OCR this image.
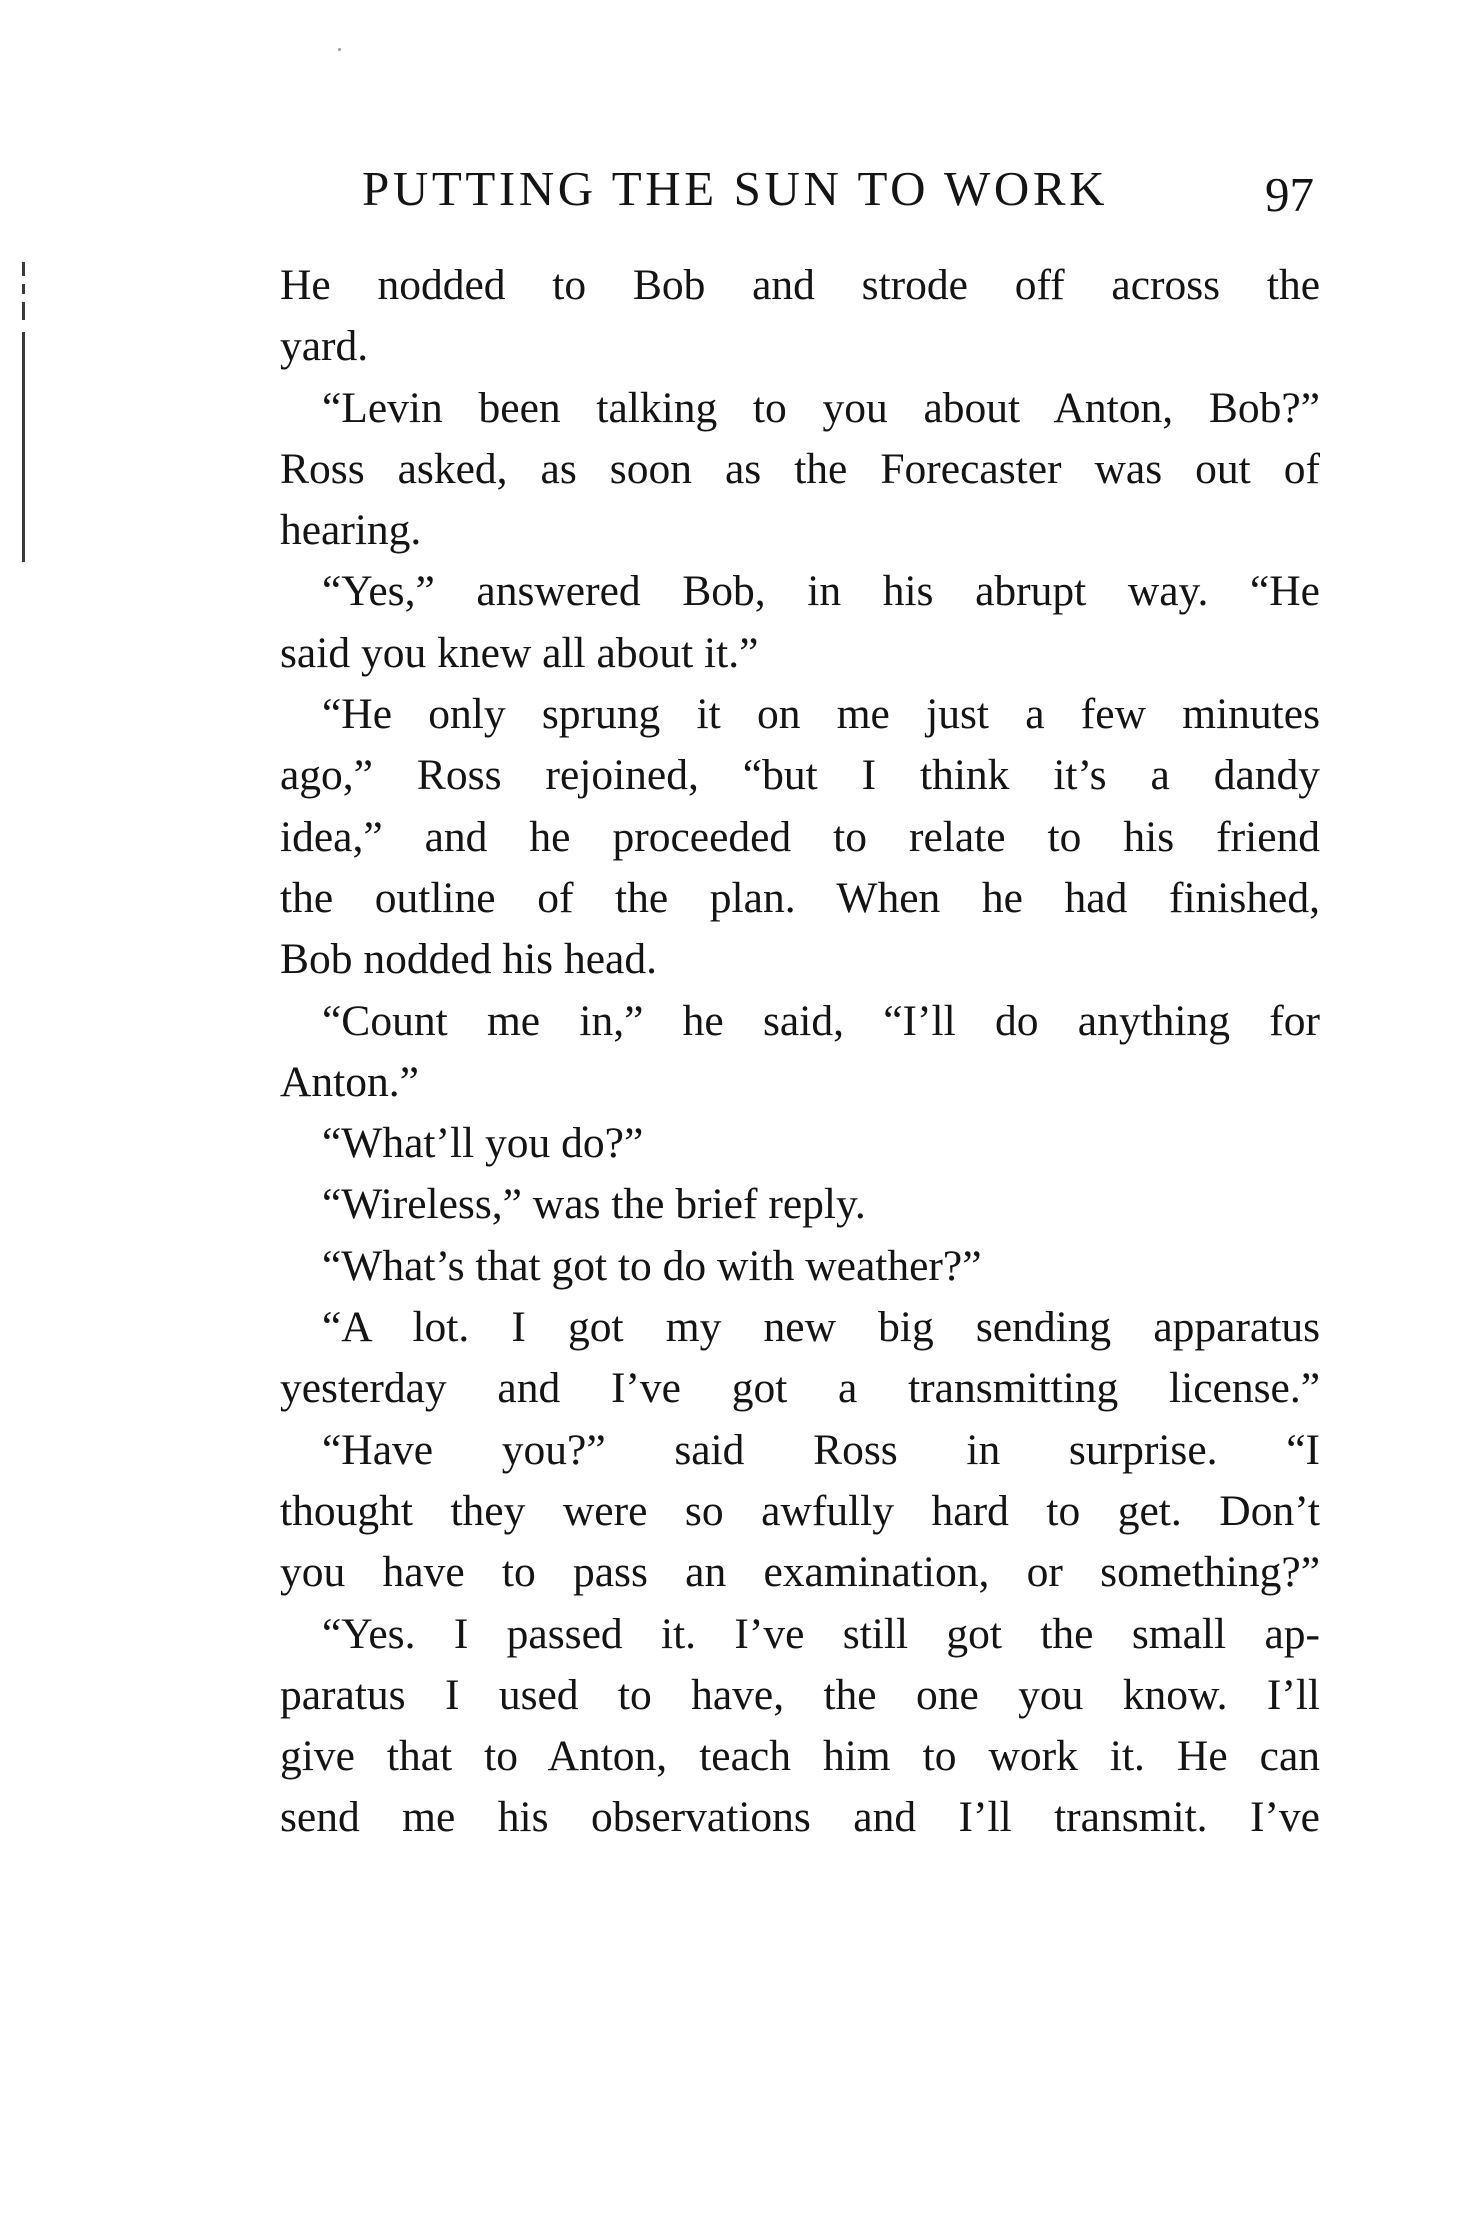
PUTTING THE SUN TO WORK	97
He nodded to Bob and strode off across the
yard.
“Levin been talking to you about Anton, Bob?”
Ross asked, as soon as the Forecaster was out of
hearing.
“Yes,” answered Bob, in his abrupt way. “He
said you knew all about it.”
“He only sprung it on me just a few minutes
ago,” Ross rejoined, “but I think it’s a dandy
idea,” and he proceeded to relate to his friend
the outline of the plan. When he had finished,
Bob nodded his head.
“Count me in,” he said, “I’ll do anything for
Anton.”
“What’ll you do?”
“Wireless,” was the brief reply.
“What’s that got to do with weather?”
“A lot. I got my new big sending apparatus
yesterday and I’ve got a transmitting license.”
“Have you?” said Ross in surprise. “I
thought they were so awfully hard to get. Don’t
you have to pass an examination, or something?”
“Yes. I passed it. I’ve still got the small ap-
paratus I used to have, the one you know. I’ll
give that to Anton, teach him to work it. He can
send me his observations and I’ll transmit. I’ve
